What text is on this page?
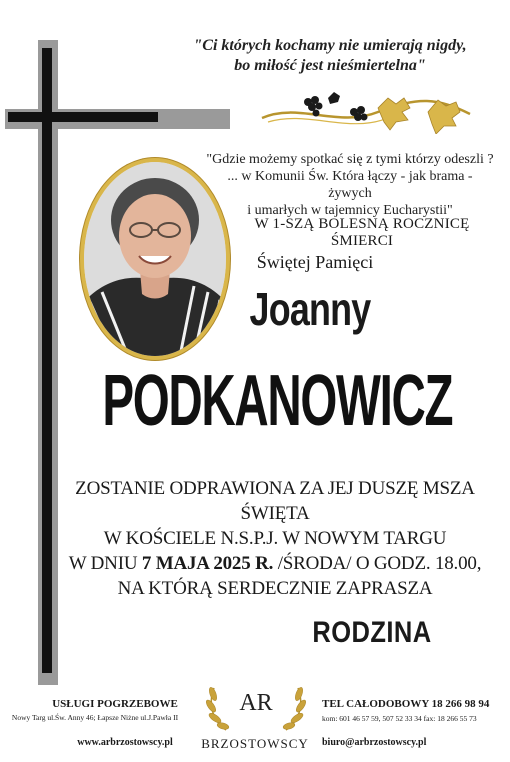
"Ci których kochamy nie umierają nigdy,
bo miłość jest nieśmiertelna"
"Gdzie możemy spotkać się z tymi którzy odeszli ?
... w Komunii Św. Która łączy - jak brama - żywych
i umarłych w tajemnicy Eucharystii"
W 1-SZĄ BOLESNĄ ROCZNICĘ ŚMIERCI
Świętej Pamięci
Joanny
PODKANOWICZ
ZOSTANIE ODPRAWIONA ZA JEJ DUSZĘ MSZA ŚWIĘTA
W KOŚCIELE N.S.P.J. W NOWYM TARGU
W DNIU 7 MAJA 2025 R. /ŚRODA/ O GODZ. 18.00,
NA KTÓRĄ SERDECZNIE ZAPRASZA
RODZINA
USŁUGI POGRZEBOWE
Nowy Targ ul.Św. Anny 46; Łapsze Niżne ul.J.Pawła II
www.arbrzostowscy.pl
AR
BRZOSTOWSCY
TEL CAŁODOBOWY 18 266 98 94
kom: 601 46 57 59, 507 52 33 34 fax: 18 266 55 73
biuro@arbrzostowscy.pl
